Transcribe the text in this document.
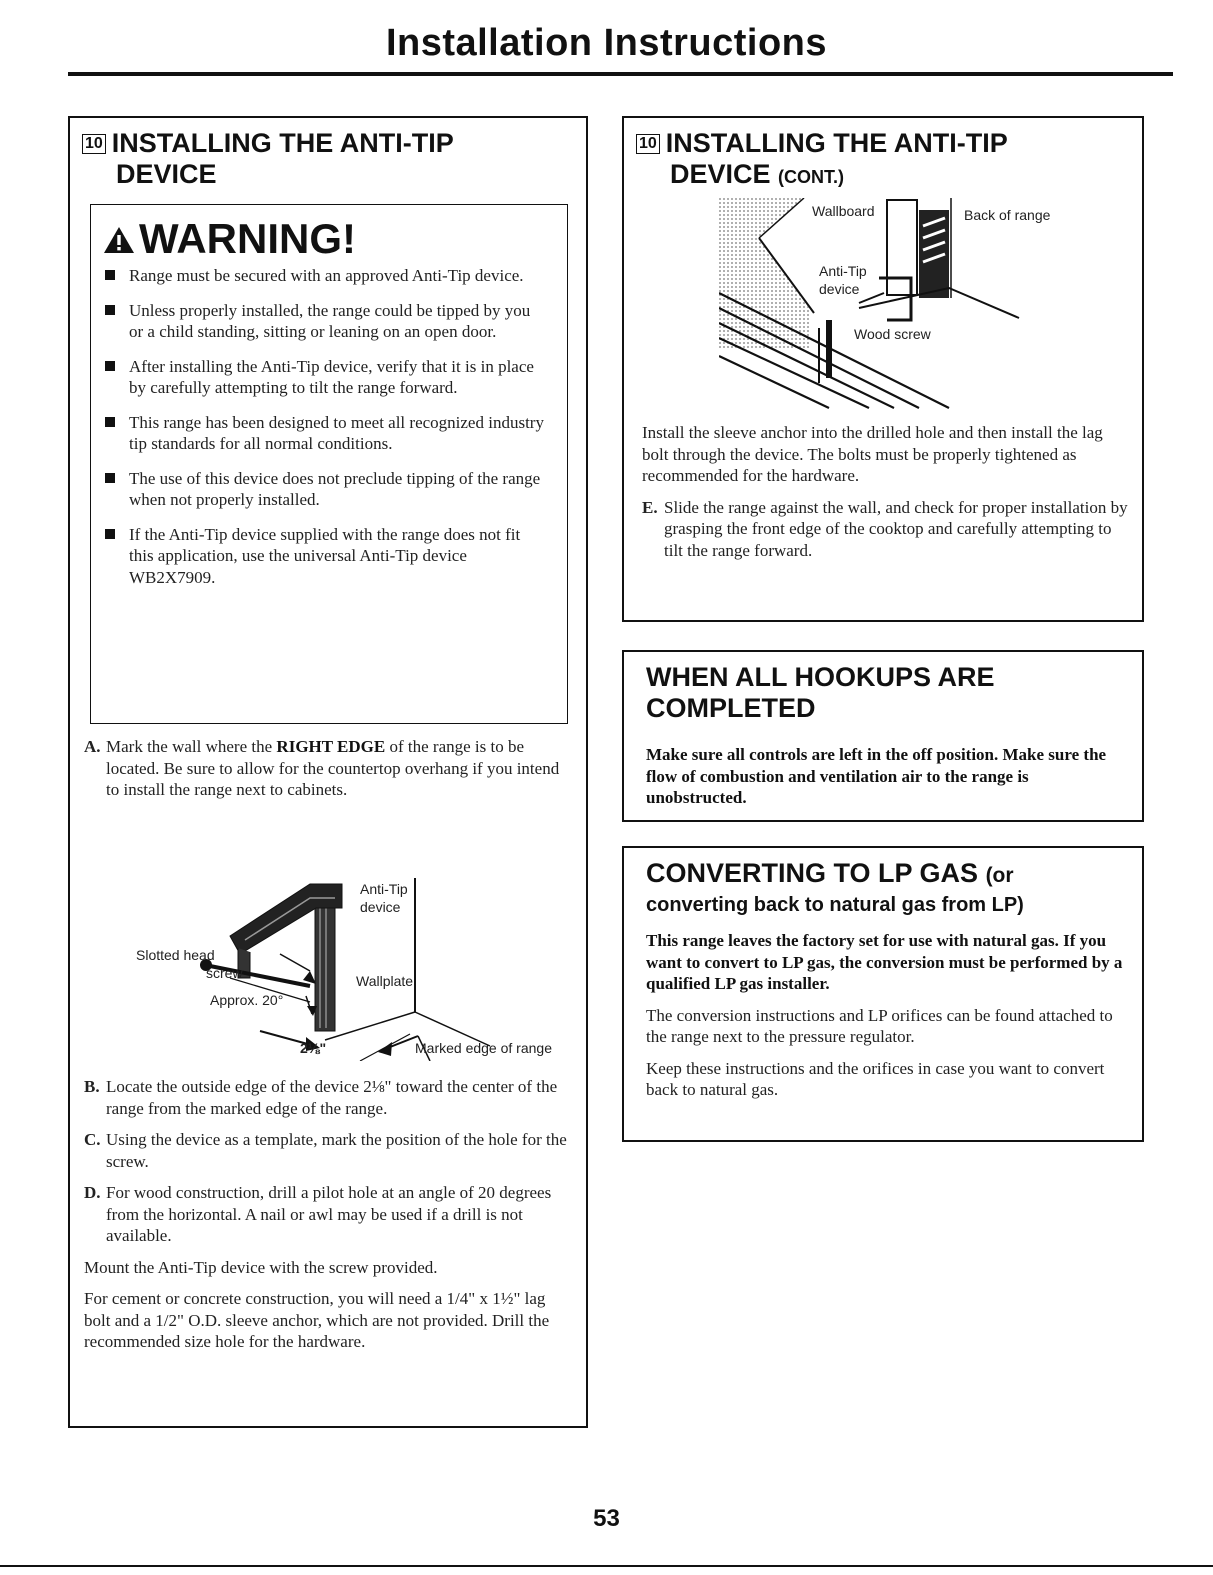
Installation Instructions
10 INSTALLING THE ANTI-TIP
DEVICE
WARNING!
Range must be secured with an approved Anti-Tip device.
Unless properly installed, the range could be tipped by you or a child standing, sitting or leaning on an open door.
After installing the Anti-Tip device, verify that it is in place by carefully attempting to tilt the range forward.
This range has been designed to meet all recognized industry tip standards for all normal conditions.
The use of this device does not preclude tipping of the range when not properly installed.
If the Anti-Tip device supplied with the range does not fit this application, use the universal Anti-Tip device WB2X7909.
A. Mark the wall where the RIGHT EDGE of the range is to be located. Be sure to allow for the countertop overhang if you intend to install the range next to cabinets.
Anti-Tip
device
Slotted head
screw	Wallplate
Approx. 20°
2⅛"	Marked edge of range
B. Locate the outside edge of the device 2⅛" toward the center of the range from the marked edge of the range.
C. Using the device as a template, mark the position of the hole for the screw.
D. For wood construction, drill a pilot hole at an angle of 20 degrees from the horizontal. A nail or awl may be used if a drill is not available.

Mount the Anti-Tip device with the screw provided.

For cement or concrete construction, you will need a 1/4" x 1½" lag bolt and a 1/2" O.D. sleeve anchor, which are not provided. Drill the recommended size hole for the hardware.

10 INSTALLING THE ANTI-TIP
DEVICE (CONT.)
Wallboard	Back of range
Anti-Tip
device
Wood screw

Install the sleeve anchor into the drilled hole and then install the lag bolt through the device. The bolts must be properly tightened as recommended for the hardware.

E. Slide the range against the wall, and check for proper installation by grasping the front edge of the cooktop and carefully attempting to tilt the range forward.
WHEN ALL HOOKUPS ARE
COMPLETED
Make sure all controls are left in the off position. Make sure the flow of combustion and ventilation air to the range is unobstructed.
CONVERTING TO LP GAS (or
converting back to natural gas from LP)

This range leaves the factory set for use with natural gas. If you want to convert to LP gas, the conversion must be performed by a qualified LP gas installer.

The conversion instructions and LP orifices can be found attached to the range next to the pressure regulator.

Keep these instructions and the orifices in case you want to convert back to natural gas.

53
